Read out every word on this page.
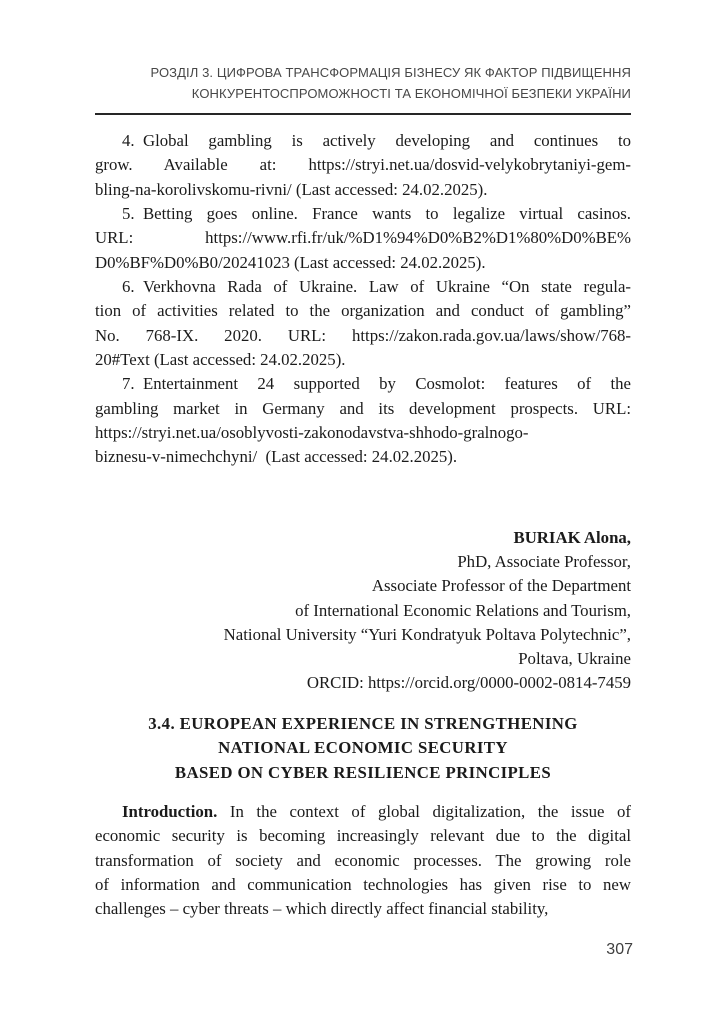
РОЗДІЛ 3. ЦИФРОВА ТРАНСФОРМАЦІЯ БІЗНЕСУ ЯК ФАКТОР ПІДВИЩЕННЯ
КОНКУРЕНТОСПРОМОЖНОСТІ ТА ЕКОНОМІЧНОЇ БЕЗПЕКИ УКРАЇНИ
4. Global gambling is actively developing and continues to
grow. Available at: https://stryi.net.ua/dosvid-velykobrytaniyi-gem-
bling-na-korolivskomu-rivni/ (Last accessed: 24.02.2025).
5. Betting goes online. France wants to legalize virtual casinos.
URL: https://www.rfi.fr/uk/%D1%94%D0%B2%D1%80%D0%BE%
D0%BF%D0%B0/20241023 (Last accessed: 24.02.2025).
6. Verkhovna Rada of Ukraine. Law of Ukraine “On state regula-
tion of activities related to the organization and conduct of gambling”
No. 768-IX. 2020. URL: https://zakon.rada.gov.ua/laws/show/768-
20#Text (Last accessed: 24.02.2025).
7. Entertainment 24 supported by Cosmolot: features of the
gambling market in Germany and its development prospects. URL:
https://stryi.net.ua/osoblyvosti-zakonodavstva-shhodo-gralnogo-
biznesu-v-nimechchyni/ (Last accessed: 24.02.2025).
BURIAK Alona,
PhD, Associate Professor,
Associate Professor of the Department
of International Economic Relations and Tourism,
National University “Yuri Kondratyuk Poltava Polytechnic”,
Poltava, Ukraine
ORCID: https://orcid.org/0000-0002-0814-7459
3.4. EUROPEAN EXPERIENCE IN STRENGTHENING
NATIONAL ECONOMIC SECURITY
BASED ON CYBER RESILIENCE PRINCIPLES
Introduction. In the context of global digitalization, the issue of
economic security is becoming increasingly relevant due to the digital
transformation of society and economic processes. The growing role
of information and communication technologies has given rise to new
challenges – cyber threats – which directly affect financial stability,
307
